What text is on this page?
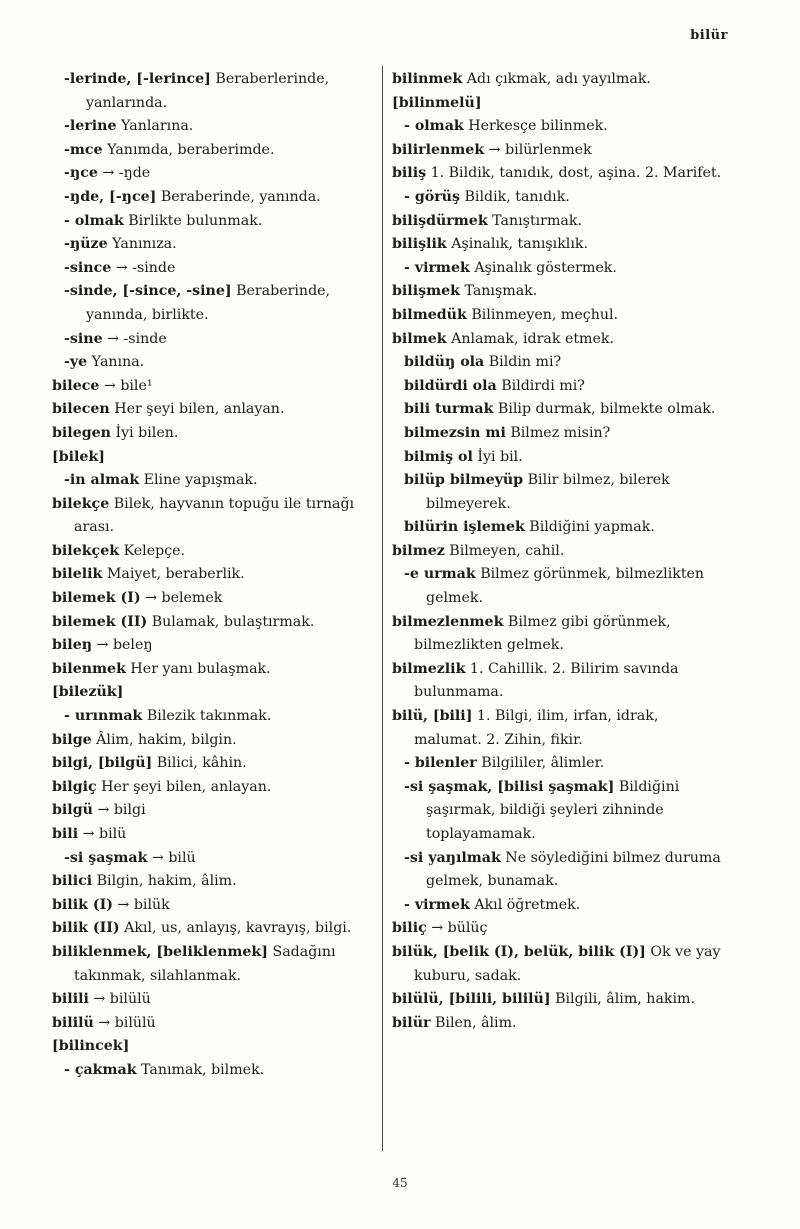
bilür

-lerinde, [-lerince] Beraberlerinde, yanlarında.

-lerine Yanlarına.

-mce Yanımda, beraberimde.

-ŋce → -ŋde

-ŋde, [-ŋce] Beraberinde, yanında.

- olmak Birlikte bulunmak.

-ŋüze Yanınıza.

-since → -sinde

-sinde, [-since, -sine] Beraberinde, yanında, birlikte.

-sine → -sinde

-ye Yanına.

bilece → bile¹

bilecen Her şeyi bilen, anlayan.

bilegen İyi bilen.

[bilek]

-in almak Eline yapışmak.

bilekçe Bilek, hayvanın topuğu ile tırnağı arası.

bilekçek Kelepçe.

bilelik Maiyet, beraberlik.

bilemek (I) → belemek

bilemek (II) Bulamak, bulaştırmak.

bileŋ → beleŋ

bilenmek Her yanı bulaşmak.

[bilezük]

- urınmak Bilezik takınmak.

bilge Âlim, hakim, bilgin.

bilgi, [bilgü] Bilici, kâhin.

bilgiç Her şeyi bilen, anlayan.

bilgü → bilgi

bili → bilü

-si şaşmak → bilü

bilici Bilgin, hakim, âlim.

bilik (I) → bilük

bilik (II) Akıl, us, anlayış, kavrayış, bilgi.

biliklenmek, [beliklenmek] Sadağını takınmak, silahlanmak.

bilili → bilülü

bililü → bilülü

[bilincek]

- çakmak Tanımak, bilmek.

bilinmek Adı çıkmak, adı yayılmak.

[bilinmelü]

- olmak Herkesçe bilinmek.

bilirlenmek → bilürlenmek

biliş 1. Bildik, tanıdık, dost, aşina. 2. Marifet.

- görüş Bildik, tanıdık.

bilişdürmek Tanıştırmak.

bilişlik Aşinalık, tanışıklık.

- virmek Aşinalık göstermek.

bilişmek Tanışmak.

bilmedük Bilinmeyen, meçhul.

bilmek Anlamak, idrak etmek.

bildüŋ ola Bildin mi?

bildürdi ola Bildirdi mi?

bili turmak Bilip durmak, bilmekte olmak.

bilmezsin mi Bilmez misin?

bilmiş ol İyi bil.

bilüp bilmeyüp Bilir bilmez, bilerek bilmeyerek.

bilürin işlemek Bildiğini yapmak.

bilmez Bilmeyen, cahil.

-e urmak Bilmez görünmek, bilmezlikten gelmek.

bilmezlenmek Bilmez gibi görünmek, bilmezlikten gelmek.

bilmezlik 1. Cahillik. 2. Bilirim savında bulunmama.

bilü, [bili] 1. Bilgi, ilim, irfan, idrak, malumat. 2. Zihin, fikir.

- bilenler Bilgililer, âlimler.

-si şaşmak, [bilisi şaşmak] Bildiğini şaşırmak, bildiği şeyleri zihninde toplayamamak.

-si yaŋılmak Ne söylediğini bilmez duruma gelmek, bunamak.

- virmek Akıl öğretmek.

biliç → bülüç

bilük, [belik (I), belük, bilik (I)] Ok ve yay kuburu, sadak.

bilülü, [bilili, bililü] Bilgili, âlim, hakim.

bilür Bilen, âlim.

45
